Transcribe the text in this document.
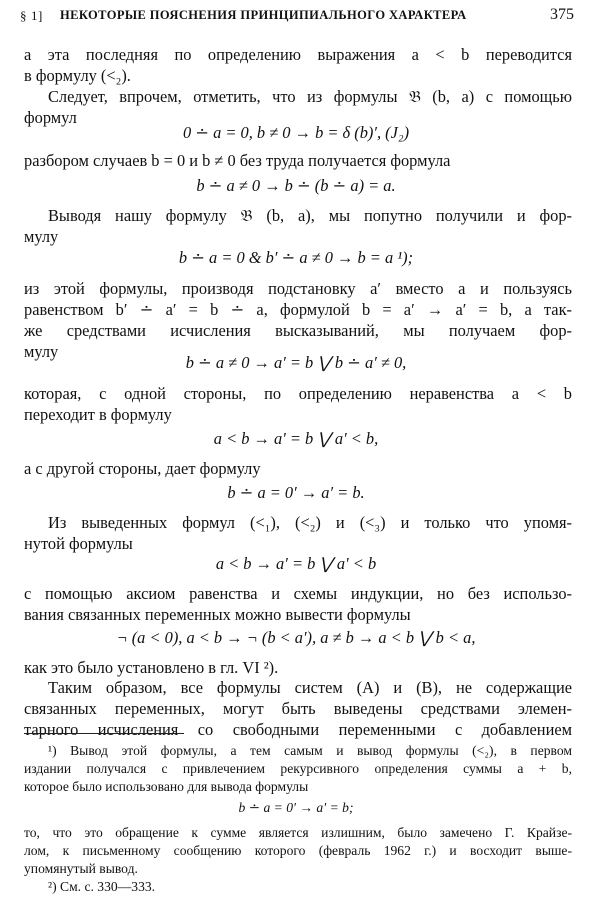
§ 1] НЕКОТОРЫЕ ПОЯСНЕНИЯ ПРИНЦИПИАЛЬНОГО ХАРАКТЕРА	375
а эта последняя по определению выражения a < b переводится
в формулу (<₂).
Следует, впрочем, отметить, что из формулы 𝔅 (b, a) с помощью
формул
0 ∸ a = 0, b ≠ 0 → b = δ (b)′, (J₂)
разбором случаев b = 0 и b ≠ 0 без труда получается формула
b ∸ a ≠ 0 → b ∸ (b ∸ a) = a.
Выводя нашу формулу 𝔅 (b, a), мы попутно получили и фор-
мулу
b ∸ a = 0 & b′ ∸ a ≠ 0 → b = a ¹);
из этой формулы, производя подстановку a′ вместо a и пользуясь
равенством b′ ∸ a′ = b ∸ a, формулой b = a′ → a′ = b, а так-
же средствами исчисления высказываний, мы получаем фор-
мулу
b ∸ a ≠ 0 → a′ = b ⋁ b ∸ a′ ≠ 0,
которая, с одной стороны, по определению неравенства a < b
переходит в формулу
a < b → a′ = b ⋁ a′ < b,
а с другой стороны, дает формулу
b ∸ a = 0′ → a′ = b.
Из выведенных формул (<₁), (<₂) и (<₃) и только что упомя-
нутой формулы
a < b → a′ = b ⋁ a′ < b
с помощью аксиом равенства и схемы индукции, но без использо-
вания связанных переменных можно вывести формулы
¬ (a < 0), a < b → ¬ (b < a′), a ≠ b → a < b ⋁ b < a,
как это было установлено в гл. VI ²).
Таким образом, все формулы систем (A) и (B), не содержащие
связанных переменных, могут быть выведены средствами элемен-
тарного исчисления со свободными переменными с добавлением
¹) Вывод этой формулы, а тем самым и вывод формулы (<₂), в первом
издании получался с привлечением рекурсивного определения суммы a + b,
которое было использовано для вывода формулы
b ∸ a = 0′ → a′ = b;
то, что это обращение к сумме является излишним, было замечено Г. Крайзе-
лом, к письменному сообщению которого (февраль 1962 г.) и восходит выше-
упомянутый вывод.
²) См. с. 330—333.
